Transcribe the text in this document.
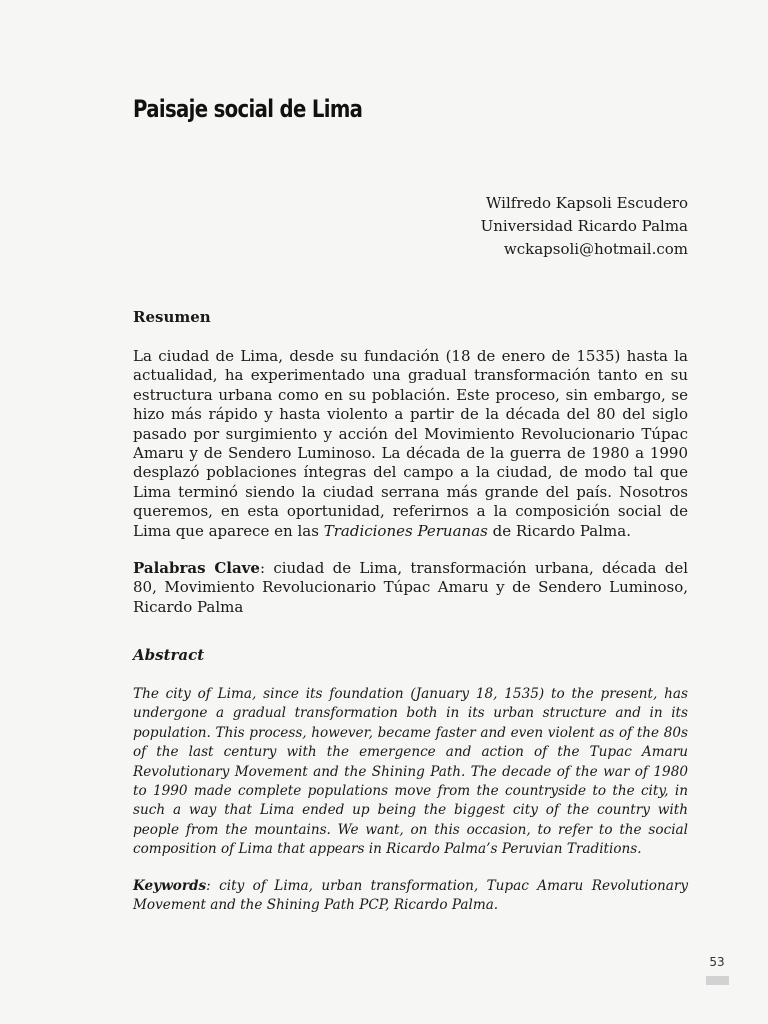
Paisaje social de Lima
Wilfredo Kapsoli Escudero
Universidad Ricardo Palma
wckapsoli@hotmail.com
Resumen

La ciudad de Lima, desde su fundación (18 de enero de 1535) hasta la actualidad, ha experimentado una gradual transformación tanto en su estructura urbana como en su población. Este proceso, sin embargo, se hizo más rápido y hasta violento a partir de la década del 80 del siglo pasado por surgimiento y acción del Movimiento Revolucionario Túpac Amaru y de Sendero Luminoso. La década de la guerra de 1980 a 1990 desplazó poblaciones íntegras del campo a la ciudad, de modo tal que Lima terminó siendo la ciudad serrana más grande del país. Nosotros queremos, en esta oportunidad, referirnos a la composición social de Lima que aparece en las Tradiciones Peruanas de Ricardo Palma.

Palabras Clave: ciudad de Lima, transformación urbana, década del 80, Movimiento Revolucionario Túpac Amaru y de Sendero Luminoso, Ricardo Palma

Abstract

The city of Lima, since its foundation (January 18, 1535) to the present, has undergone a gradual transformation both in its urban structure and in its population. This process, however, became faster and even violent as of the 80s of the last century with the emergence and action of the Tupac Amaru Revolutionary Movement and the Shining Path. The decade of the war of 1980 to 1990 made complete populations move from the countryside to the city, in such a way that Lima ended up being the biggest city of the country with people from the mountains. We want, on this occasion, to refer to the social composition of Lima that appears in Ricardo Palma’s Peruvian Traditions.

Keywords: city of Lima, urban transformation, Tupac Amaru Revolutionary Movement and the Shining Path PCP, Ricardo Palma.

53
